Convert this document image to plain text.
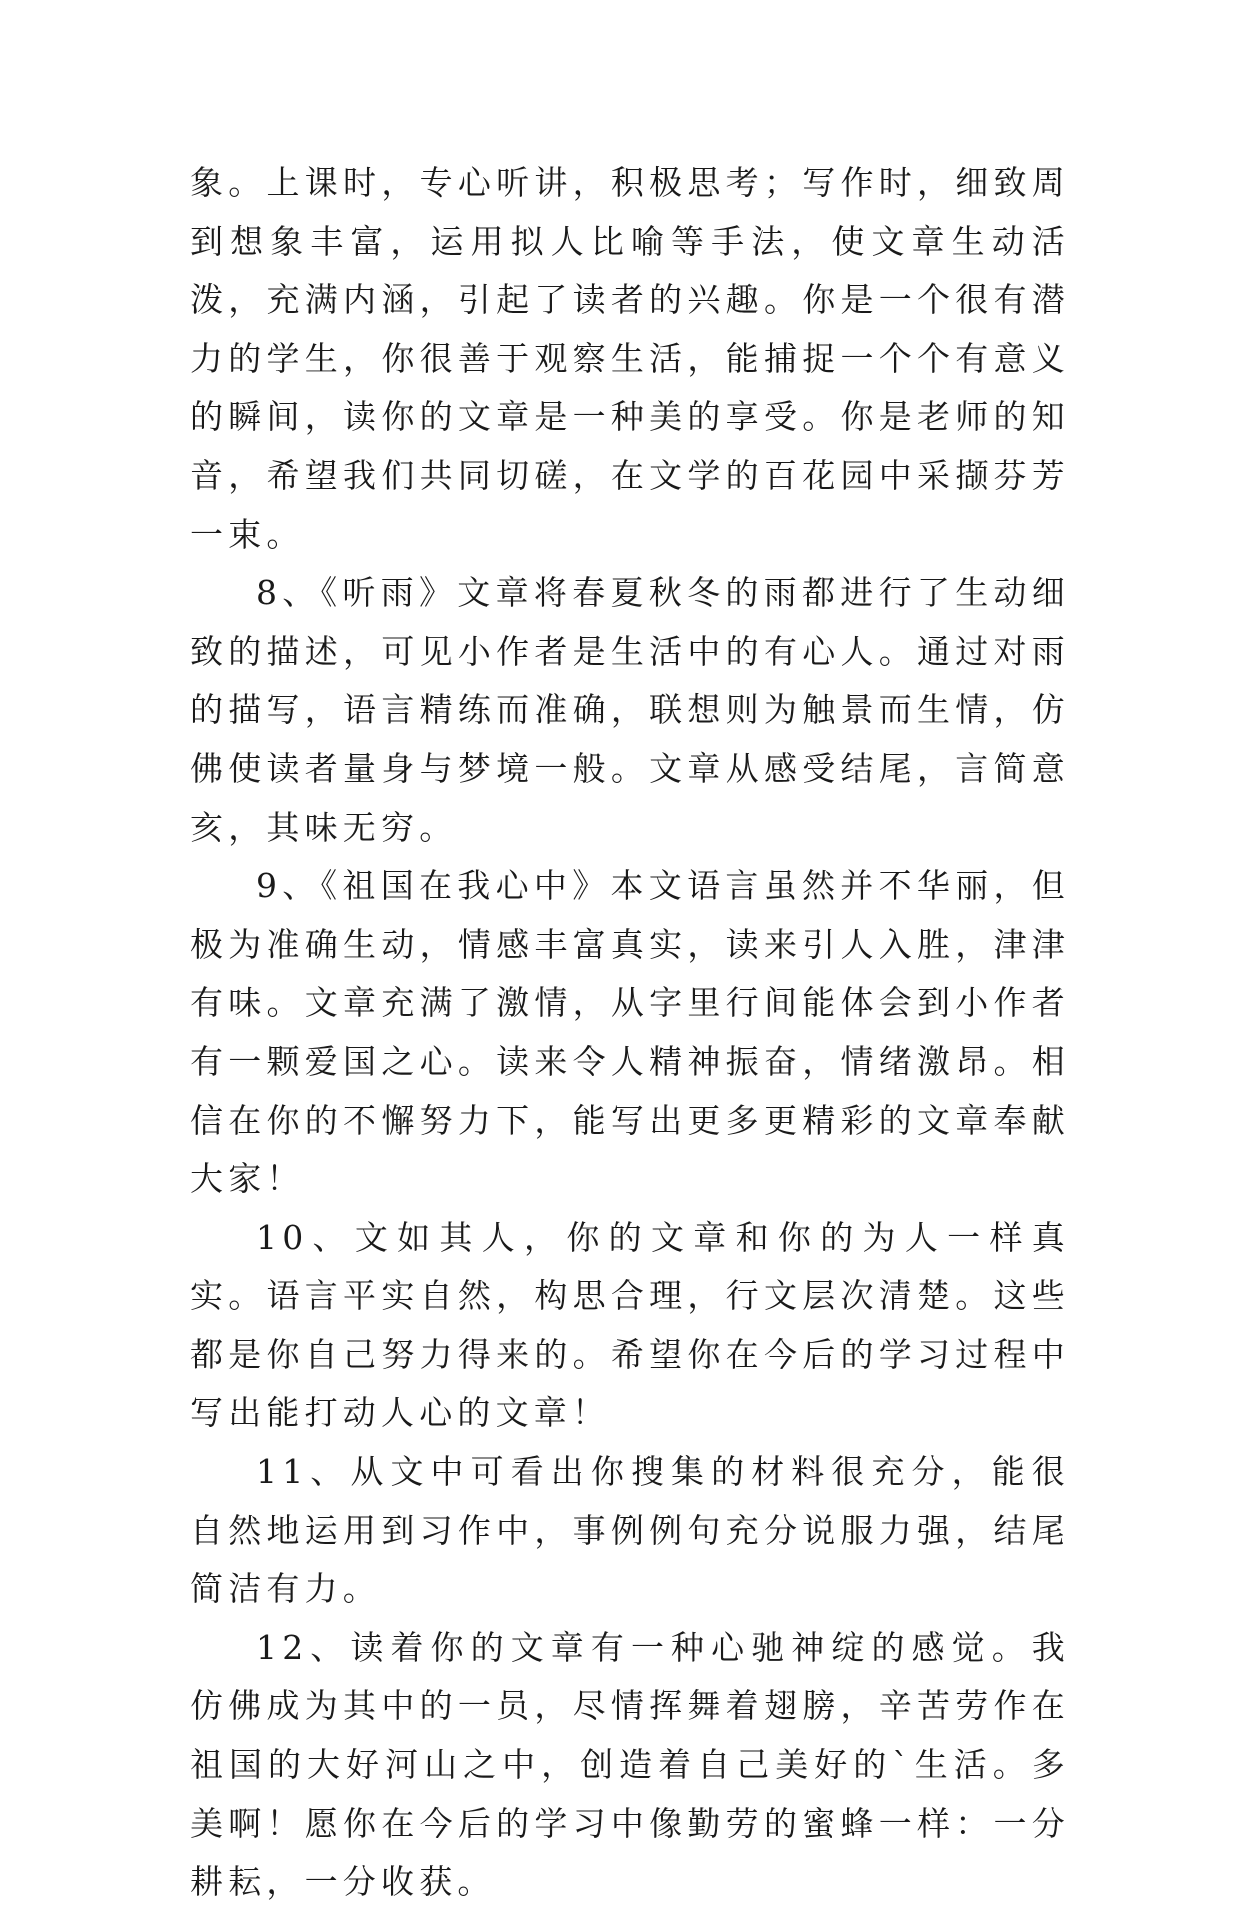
象。上课时，专心听讲，积极思考；写作时，细致周到想象丰富，运用拟人比喻等手法，使文章生动活泼，充满内涵，引起了读者的兴趣。你是一个很有潜力的学生，你很善于观察生活，能捕捉一个个有意义的瞬间，读你的文章是一种美的享受。你是老师的知音，希望我们共同切磋，在文学的百花园中采撷芬芳一束。

8、《听雨》文章将春夏秋冬的雨都进行了生动细致的描述，可见小作者是生活中的有心人。通过对雨的描写，语言精练而准确，联想则为触景而生情，仿佛使读者量身与梦境一般。文章从感受结尾，言简意亥，其味无穷。

9、《祖国在我心中》本文语言虽然并不华丽，但极为准确生动，情感丰富真实，读来引人入胜，津津有味。文章充满了激情，从字里行间能体会到小作者有一颗爱国之心。读来令人精神振奋，情绪激昂。相信在你的不懈努力下，能写出更多更精彩的文章奉献大家！

10、文如其人，你的文章和你的为人一样真实。语言平实自然，构思合理，行文层次清楚。这些都是你自己努力得来的。希望你在今后的学习过程中写出能打动人心的文章！

11、从文中可看出你搜集的材料很充分，能很自然地运用到习作中，事例例句充分说服力强，结尾简洁有力。

12、读着你的文章有一种心驰神绽的感觉。我仿佛成为其中的一员，尽情挥舞着翅膀，辛苦劳作在祖国的大好河山之中，创造着自己美好的`生活。多美啊！愿你在今后的学习中像勤劳的蜜蜂一样：一分耕耘，一分收获。
